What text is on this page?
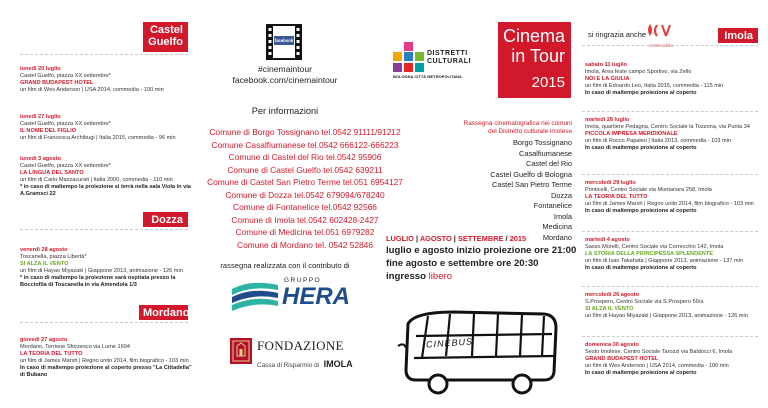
Castel
Guelfo
lunedì 20 luglio
Castel Guelfo, piazza XX settembre*
GRAND BUDAPEST HOTEL
un film di Wes Anderson | USA 2014, commedia - 100 min
lunedì 27 luglio
Castel Guelfo, piazza XX settembre*
IL NOME DEL FIGLIO
un film di Francesca Archibugi | Italia 2015, commedia - 96 min
lunedì 3 agosto
Castel Guelfo, piazza XX settembre*
LA LINGUA DEL SANTO
un film di Carlo Mazzacurati | Italia 2000, commedia - 110 min
* in caso di maltempo la proiezione si terrà nella sala Viola in via A.Gramsci 22
Dozza
venerdì 28 agosto
Toscanella, piazza Libertà*
SI ALZA IL VENTO
un film di Hayao Miyazaki | Giappone 2013, animazione - 126 min
* in caso di maltempo la proiezione sarà ospitata presso la Bocciofila di Toscanella in via Amendola 1/3
Mordano
giovedì 27 agosto
Mordano, Torrione Sforzesco via Lume 1694
LA TEORIA DEL TUTTO
un film di James Marsh | Regno unito 2014, film biografico - 103 min
In caso di maltempo proiezione al coperto presso "La Cittadella" di Bubano
facebook
#cinemaintour
facebook.com/cinemaintour
DISTRETTI
CULTURALI
BOLOGNA CITTÀ METROPOLITANA
Per informazioni
Comune di Borgo Tossignano tel.0542 91111/91212
Comune Casalfiumanese tel.0542 666122-666223
Comune di Castel del Rio tel.0542 95906
Comune di Castel Guelfo tel.0542 639211
Comune di Castel San Pietro Terme tel.051 6954127
Comune di Dozza tel.0542 679094/678240
Comune di Fontanelice tel.0542 92566
Comune di Imola tel.0542 602428-2427
Comune di Medicina tel.051 6979282
Comune di Mordano tel. 0542 52846
rassegna realizzata con il contributo di
GRUPPO
HERA
FONDAZIONE
Cassa di Risparmio di IMOLA
Cinema
in Tour
2015
si ringrazia anche
centro abita
Imola
Rassegna cinematografica nei comuni
del Distretto culturale imolese
Borgo Tossignano
Casalfiumanese
Castel del Rio
Castel Guelfo di Bologna
Castel San Pietro Terme
Dozza
Fontanelice
Imola
Medicina
Mordano
LUGLIO | AGOSTO | SETTEMBRE / 2015
luglio e agosto inizio proiezione ore 21:00
fine agosto e settembre ore 20:30
ingresso libero
CINEBUS
sabato 11 luglio
Imola, Area feste campo Sportivo, via Zello
NOI E LA GIULIA
un film di Edoardo Leo, Italia 2015, commedia - 115 min
In caso di maltempo proiezione al coperto
martedì 28 luglio
Imola, quartiere Pedagna, Centro Sociale la Tozzona, via Punta 34
PICCOLA IMPRESA MERIDIONALE
un film di Rocco Papaleo | Italia 2013, commedia - 103 min
In caso di maltempo proiezione al coperto
mercoledì 29 luglio
Ponticelli, Centro Sociale via Montanara 258, Imola
LA TEORIA DEL TUTTO
un film di James Marsh | Regno unito 2014, film biografico - 103 min
In caso di maltempo proiezione al coperto
martedì 4 agosto
Sasso Morelli, Centro Sociale via Correcchio 142, Imola
LA STORIA DELLA PRINCIPESSA SPLENDENTE
un film di Isao Takahata | Giappone 2013, animazione - 137 min
In caso di maltempo proiezione al coperto
mercoledì 26 agosto
S.Prospero, Centro Sociale via S.Prospero 59/a
SI ALZA IL VENTO
un film di Hayao Miyazaki | Giappone 2013, animazione - 126 min
domenica 30 agosto
Sesto Imolese, Centro Sociale Tarozzi via Baldocci 6, Imola
GRAND BUDAPEST HOTEL
un film di Wes Anderson | USA 2014, commedia - 100 min
In caso di maltempo proiezione al coperto
